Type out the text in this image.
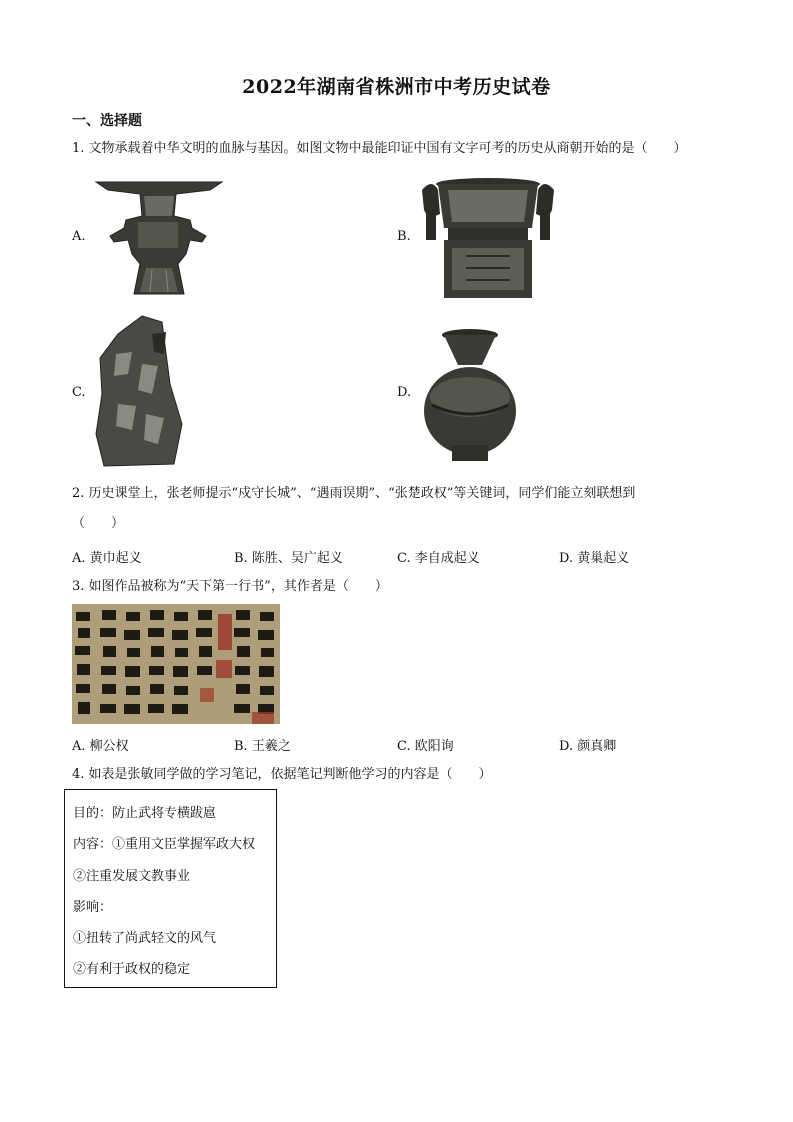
2022年湖南省株洲市中考历史试卷
一、选择题
1. 文物承载着中华文明的血脉与基因。如图文物中最能印证中国有文字可考的历史从商朝开始的是（　　）
A.	B.
C.	D.
2. 历史课堂上，张老师提示“戍守长城”、“遇雨误期”、“张楚政权”等关键词，同学们能立刻联想到
（　　）
A. 黄巾起义	B. 陈胜、吴广起义	C. 李自成起义	D. 黄巢起义
3. 如图作品被称为“天下第一行书”，其作者是（　　）
A. 柳公权	B. 王羲之	C. 欧阳询	D. 颜真卿
4. 如表是张敏同学做的学习笔记，依据笔记判断他学习的内容是（　　）
目的：防止武将专横跋扈
内容：①重用文臣掌握军政大权
②注重发展文教事业
影响：
①扭转了尚武轻文的风气
②有利于政权的稳定
